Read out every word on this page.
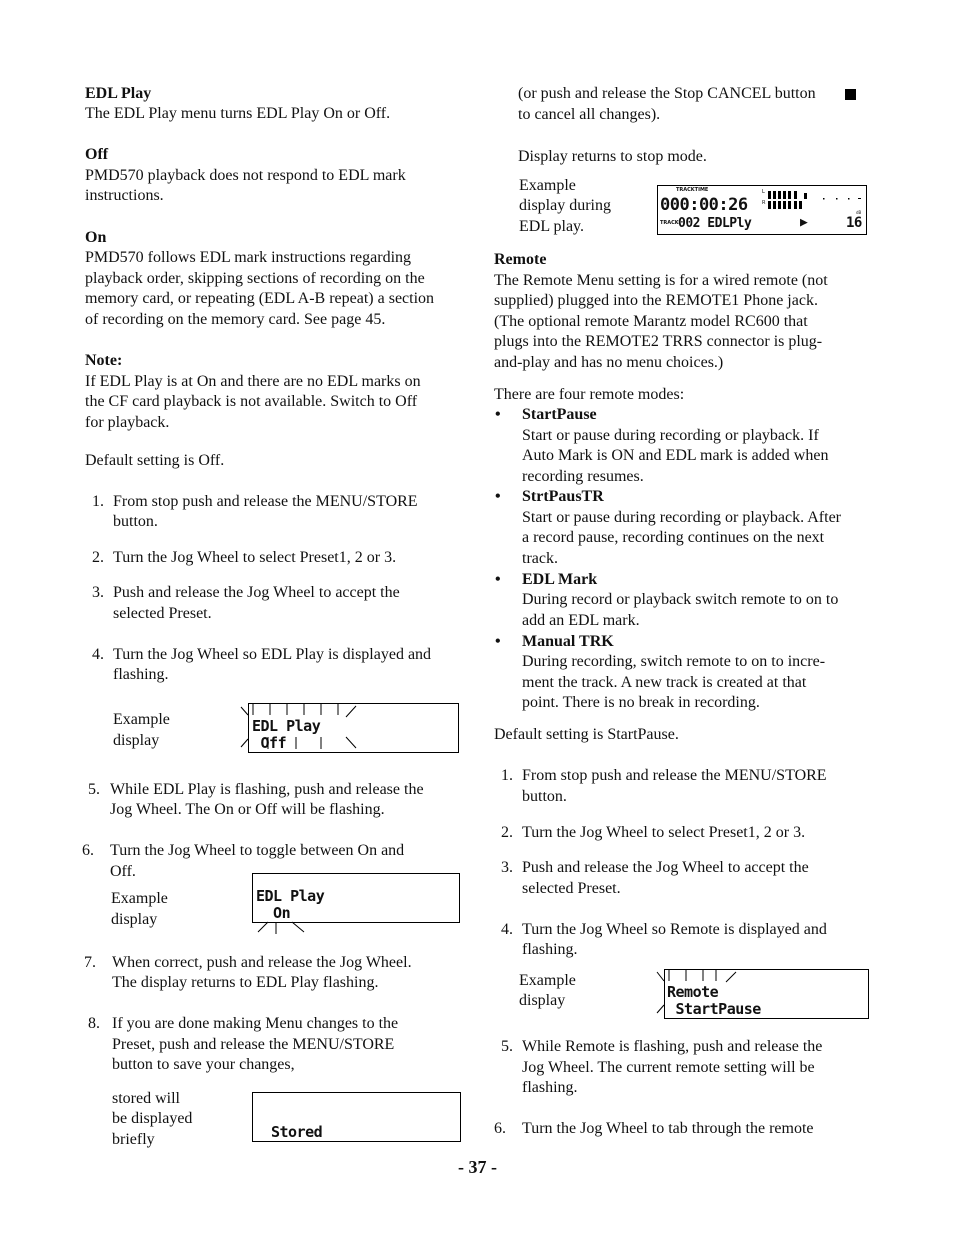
EDL Play
The EDL Play menu turns EDL Play On or Off.
Off
PMD570 playback does not respond to EDL mark
instructions.
On
PMD570 follows EDL mark instructions regarding
playback order, skipping sections of recording on the
memory card, or repeating (EDL A-B repeat) a section
of recording on the memory card. See page 45.
Note:
If EDL Play is at On and there are no EDL marks on
the CF card playback is not available. Switch to Off
for playback.
Default setting is Off.
1. From stop push and release the MENU/STORE
button.
2. Turn the Jog Wheel to select Preset1, 2 or 3.
3. Push and release the Jog Wheel to accept the
selected Preset.
4. Turn the Jog Wheel so EDL Play is displayed and
flashing.
Example
display
EDL Play
Off
5. While EDL Play is flashing, push and release the
Jog Wheel. The On or Off will be flashing.
6. Turn the Jog Wheel to toggle between On and
Off.
Example
display
EDL Play
On
7. When correct, push and release the Jog Wheel.
The display returns to EDL Play flashing.
8. If you are done making Menu changes to the
Preset, push and release the MENU/STORE
button to save your changes,
stored will
be displayed
briefly	Stored
(or push and release the Stop CANCEL button
to cancel all changes).
Display returns to stop mode.
Example
display during
EDL play.
TRACKTIME
000:00:26
TRACK 002 EDLPly	▶	16
L
R
dB
Remote
The Remote Menu setting is for a wired remote (not
supplied) plugged into the REMOTE1 Phone jack.
(The optional remote Marantz model RC600 that
plugs into the REMOTE2 TRRS connector is plug-
and-play and has no menu choices.)
There are four remote modes:
• StartPause
Start or pause during recording or playback. If
Auto Mark is ON and EDL mark is added when
recording resumes.
• StrtPausTR
Start or pause during recording or playback. After
a record pause, recording continues on the next
track.
• EDL Mark
During record or playback switch remote to on to
add an EDL mark.
• Manual TRK
During recording, switch remote to on to incre-
ment the track. A new track is created at that
point. There is no break in recording.
Default setting is StartPause.
1. From stop push and release the MENU/STORE
button.
2. Turn the Jog Wheel to select Preset1, 2 or 3.
3. Push and release the Jog Wheel to accept the
selected Preset.
4. Turn the Jog Wheel so Remote is displayed and
flashing.
Example
display	Remote
StartPause
5. While Remote is flashing, push and release the
Jog Wheel. The current remote setting will be
flashing.
6. Turn the Jog Wheel to tab through the remote
- 37 -
